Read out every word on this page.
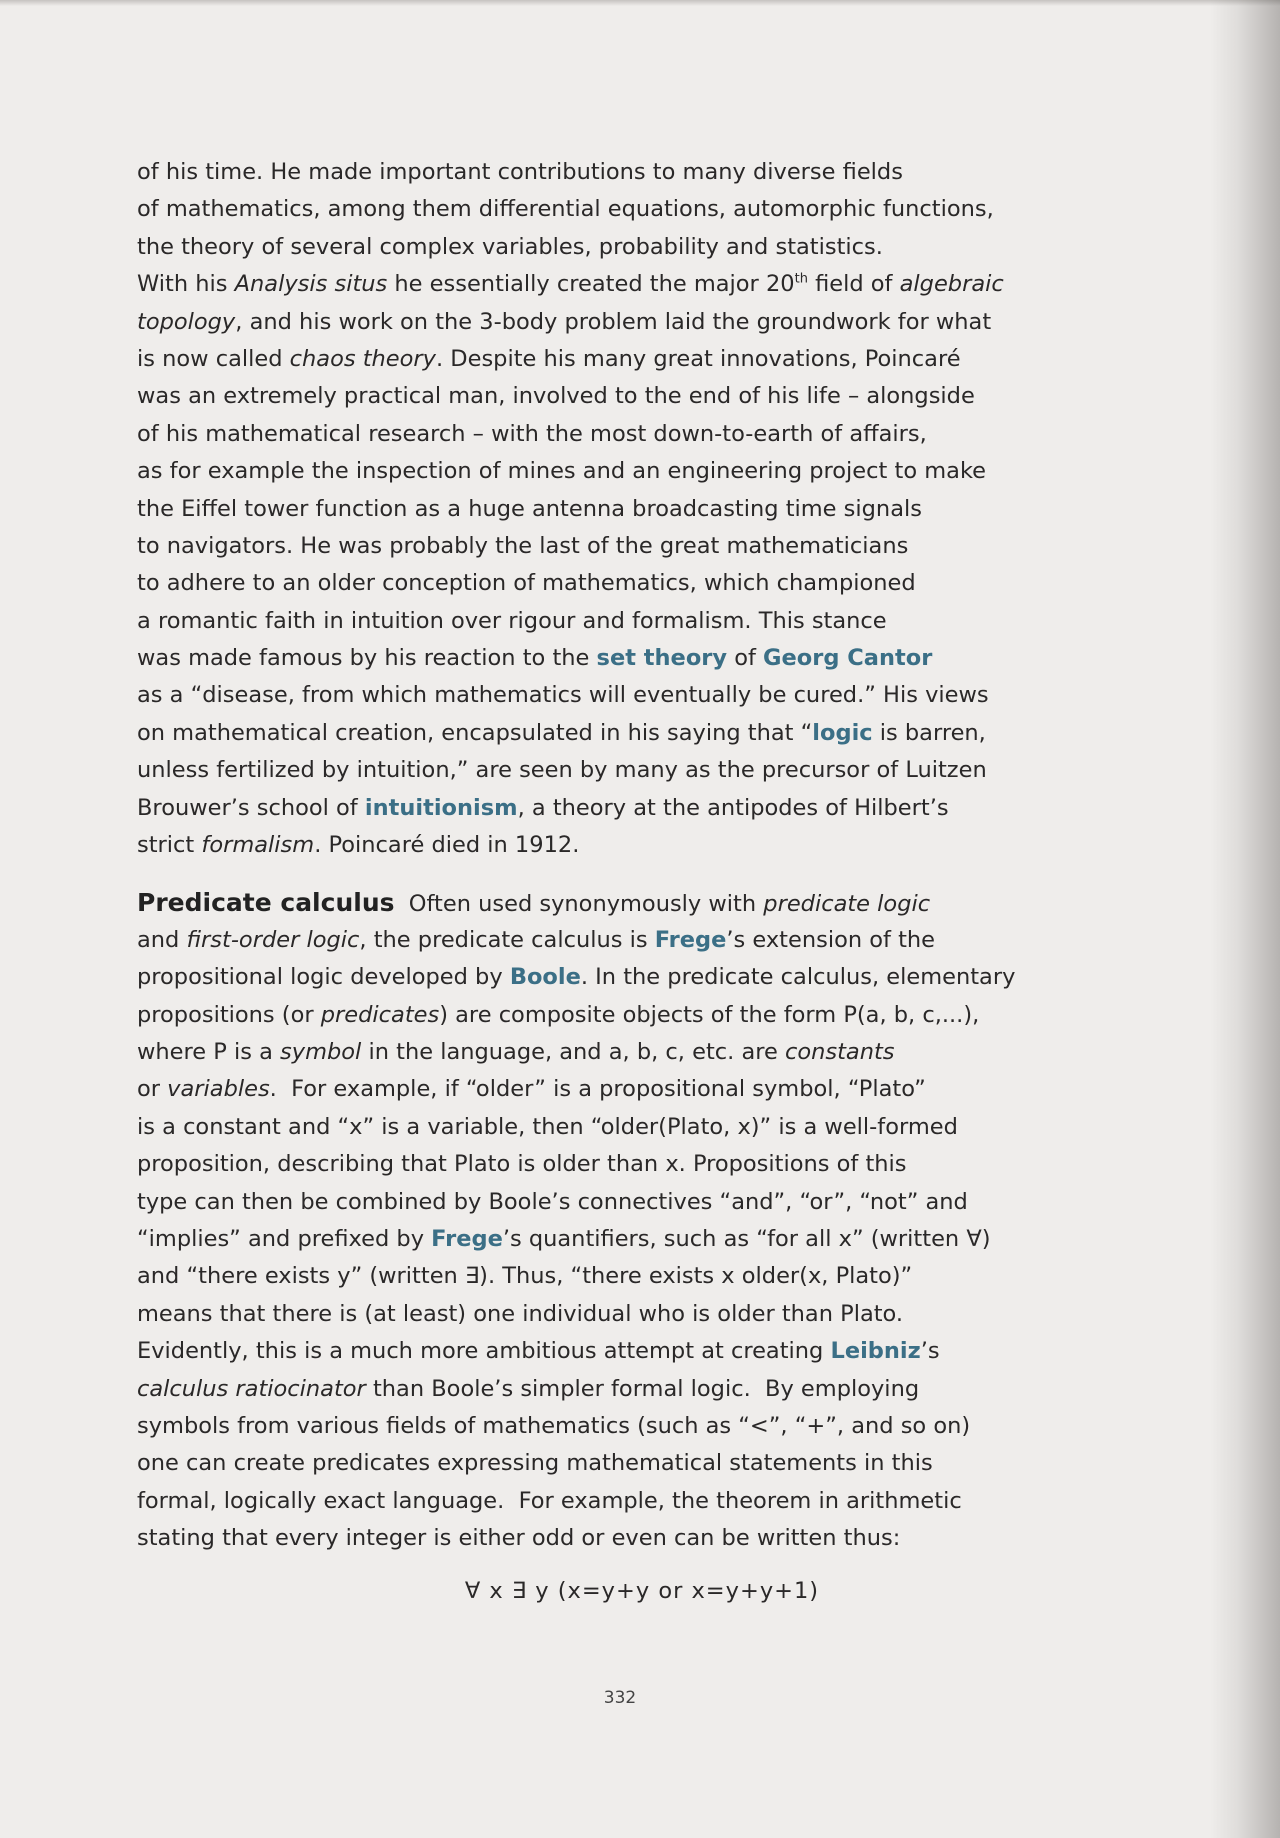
of his time. He made important contributions to many diverse fields
of mathematics, among them differential equations, automorphic functions,
the theory of several complex variables, probability and statistics.
With his Analysis situs he essentially created the major 20th field of algebraic
topology, and his work on the 3-body problem laid the groundwork for what
is now called chaos theory. Despite his many great innovations, Poincaré
was an extremely practical man, involved to the end of his life – alongside
of his mathematical research – with the most down-to-earth of affairs,
as for example the inspection of mines and an engineering project to make
the Eiffel tower function as a huge antenna broadcasting time signals
to navigators. He was probably the last of the great mathematicians
to adhere to an older conception of mathematics, which championed
a romantic faith in intuition over rigour and formalism. This stance
was made famous by his reaction to the set theory of Georg Cantor
as a “disease, from which mathematics will eventually be cured.” His views
on mathematical creation, encapsulated in his saying that “logic is barren,
unless fertilized by intuition,” are seen by many as the precursor of Luitzen
Brouwer’s school of intuitionism, a theory at the antipodes of Hilbert’s
strict formalism. Poincaré died in 1912.
Predicate calculus  Often used synonymously with predicate logic
and first-order logic, the predicate calculus is Frege’s extension of the
propositional logic developed by Boole. In the predicate calculus, elementary
propositions (or predicates) are composite objects of the form P(a, b, c,...),
where P is a symbol in the language, and a, b, c, etc. are constants
or variables.  For example, if “older” is a propositional symbol, “Plato”
is a constant and “x” is a variable, then “older(Plato, x)” is a well-formed
proposition, describing that Plato is older than x. Propositions of this
type can then be combined by Boole’s connectives “and”, “or”, “not” and
“implies” and prefixed by Frege’s quantifiers, such as “for all x” (written ∀)
and “there exists y” (written ∃). Thus, “there exists x older(x, Plato)”
means that there is (at least) one individual who is older than Plato.
Evidently, this is a much more ambitious attempt at creating Leibniz’s
calculus ratiocinator than Boole’s simpler formal logic.  By employing
symbols from various fields of mathematics (such as “<”, “+”, and so on)
one can create predicates expressing mathematical statements in this
formal, logically exact language.  For example, the theorem in arithmetic
stating that every integer is either odd or even can be written thus:
∀ x ∃ y (x=y+y or x=y+y+1)
332
